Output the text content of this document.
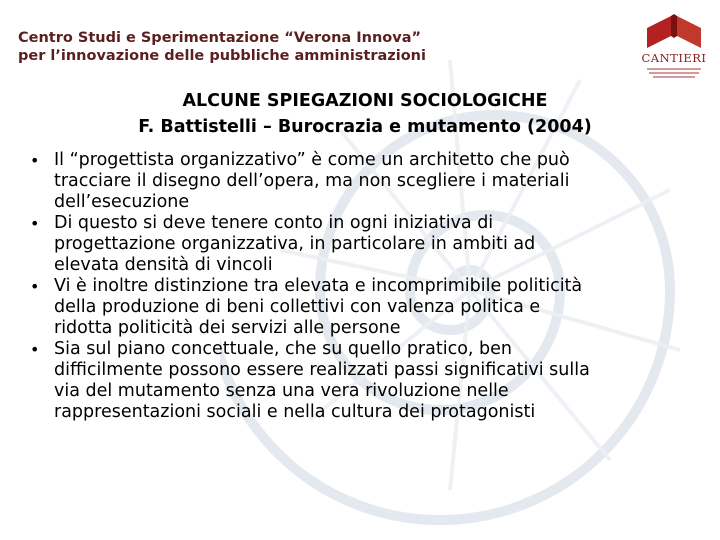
Centro Studi e Sperimentazione “Verona Innova”
per l’innovazione delle pubbliche amministrazioni	CANTIERI
ALCUNE SPIEGAZIONI SOCIOLOGICHE
F. Battistelli – Burocrazia e mutamento (2004)
• Il “progettista organizzativo” è come un architetto che può
tracciare il disegno dell’opera, ma non scegliere i materiali
dell’esecuzione
• Di questo si deve tenere conto in ogni iniziativa di
progettazione organizzativa, in particolare in ambiti ad
elevata densità di vincoli
• Vi è inoltre distinzione tra elevata e incomprimibile politicità
della produzione di beni collettivi con valenza politica e
ridotta politicità dei servizi alle persone
• Sia sul piano concettuale, che su quello pratico, ben
difficilmente possono essere realizzati passi significativi sulla
via del mutamento senza una vera rivoluzione nelle
rappresentazioni sociali e nella cultura dei protagonisti
